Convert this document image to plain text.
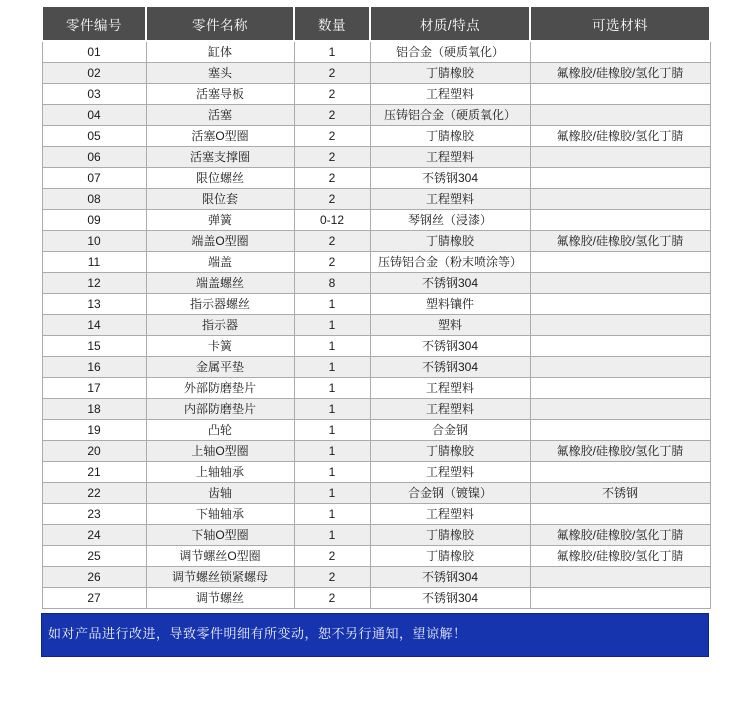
零件编号	零件名称	数量	材质/特点	可选材料
01	缸体	1	铝合金（硬质氧化）	
02	塞头	2	丁腈橡胶	氟橡胶/硅橡胶/氢化丁腈
03	活塞导板	2	工程塑料	
04	活塞	2	压铸铝合金（硬质氧化）	
05	活塞O型圈	2	丁腈橡胶	氟橡胶/硅橡胶/氢化丁腈
06	活塞支撑圈	2	工程塑料	
07	限位螺丝	2	不锈钢304	
08	限位套	2	工程塑料	
09	弹簧	0-12	琴钢丝（浸漆）	
10	端盖O型圈	2	丁腈橡胶	氟橡胶/硅橡胶/氢化丁腈
11	端盖	2	压铸铝合金（粉末喷涂等）	
12	端盖螺丝	8	不锈钢304	
13	指示器螺丝	1	塑料镶件	
14	指示器	1	塑料	
15	卡簧	1	不锈钢304	
16	金属平垫	1	不锈钢304	
17	外部防磨垫片	1	工程塑料	
18	内部防磨垫片	1	工程塑料	
19	凸轮	1	合金钢	
20	上轴O型圈	1	丁腈橡胶	氟橡胶/硅橡胶/氢化丁腈
21	上轴轴承	1	工程塑料	
22	齿轴	1	合金钢（镀镍）	不锈钢
23	下轴轴承	1	工程塑料	
24	下轴O型圈	1	丁腈橡胶	氟橡胶/硅橡胶/氢化丁腈
25	调节螺丝O型圈	2	丁腈橡胶	氟橡胶/硅橡胶/氢化丁腈
26	调节螺丝锁紧螺母	2	不锈钢304	
27	调节螺丝	2	不锈钢304	
如对产品进行改进，导致零件明细有所变动，恕不另行通知，望谅解！
